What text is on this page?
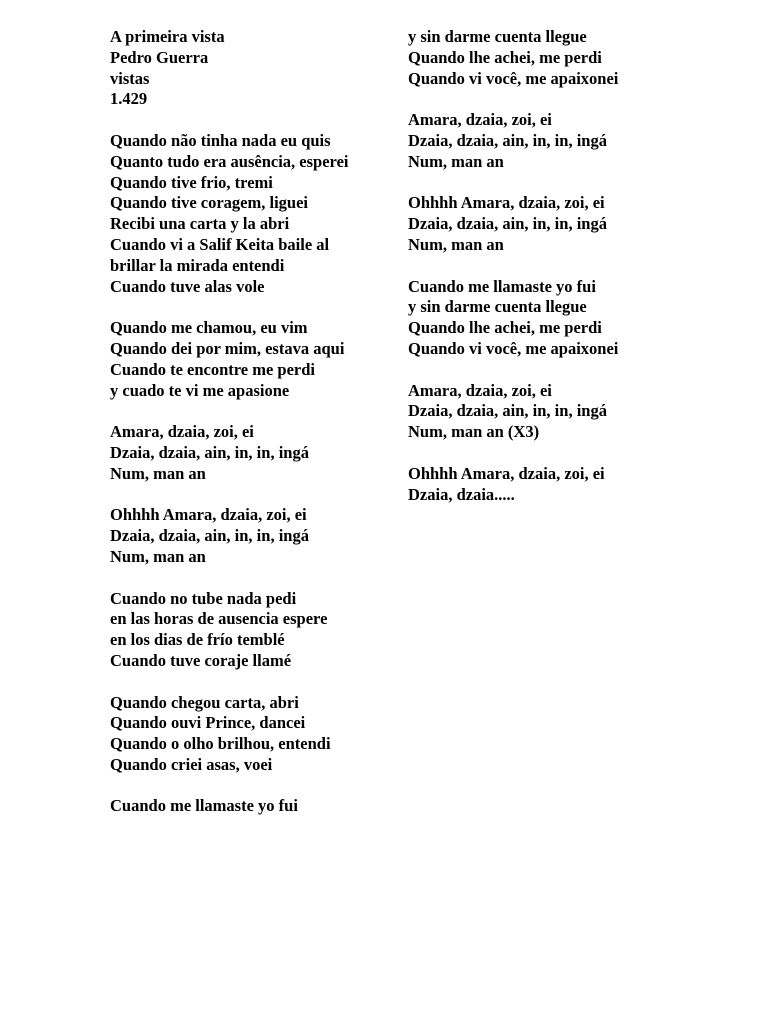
A primeira vista
Pedro Guerra
vistas
1.429
Quando não tinha nada eu quis
Quanto tudo era ausência, esperei
Quando tive frio, tremi
Quando tive coragem, liguei
Recibi una carta y la abri
Cuando vi a Salif Keita baile al brillar la mirada entendi
Cuando tuve alas vole
Quando me chamou, eu vim
Quando dei por mim, estava aqui
Cuando te encontre me perdi
y cuado te vi me apasione
Amara, dzaia, zoi, ei
Dzaia, dzaia, ain, in, in, ingá
Num, man an
Ohhhh Amara, dzaia, zoi, ei
Dzaia, dzaia, ain, in, in, ingá
Num, man an
Cuando no tube nada pedi
en las horas de ausencia espere
en los dias de frío temblé
Cuando tuve coraje llamé
Quando chegou carta, abri
Quando ouvi Prince, dancei
Quando o olho brilhou, entendi
Quando criei asas, voei
Cuando me llamaste yo fui
y sin darme cuenta llegue
Quando lhe achei, me perdi
Quando vi você, me apaixonei
Amara, dzaia, zoi, ei
Dzaia, dzaia, ain, in, in, ingá
Num, man an
Ohhhh Amara, dzaia, zoi, ei
Dzaia, dzaia, ain, in, in, ingá
Num, man an
Cuando me llamaste yo fui
y sin darme cuenta llegue
Quando lhe achei, me perdi
Quando vi você, me apaixonei
Amara, dzaia, zoi, ei
Dzaia, dzaia, ain, in, in, ingá
Num, man an (X3)
Ohhhh Amara, dzaia, zoi, ei
Dzaia, dzaia.....
